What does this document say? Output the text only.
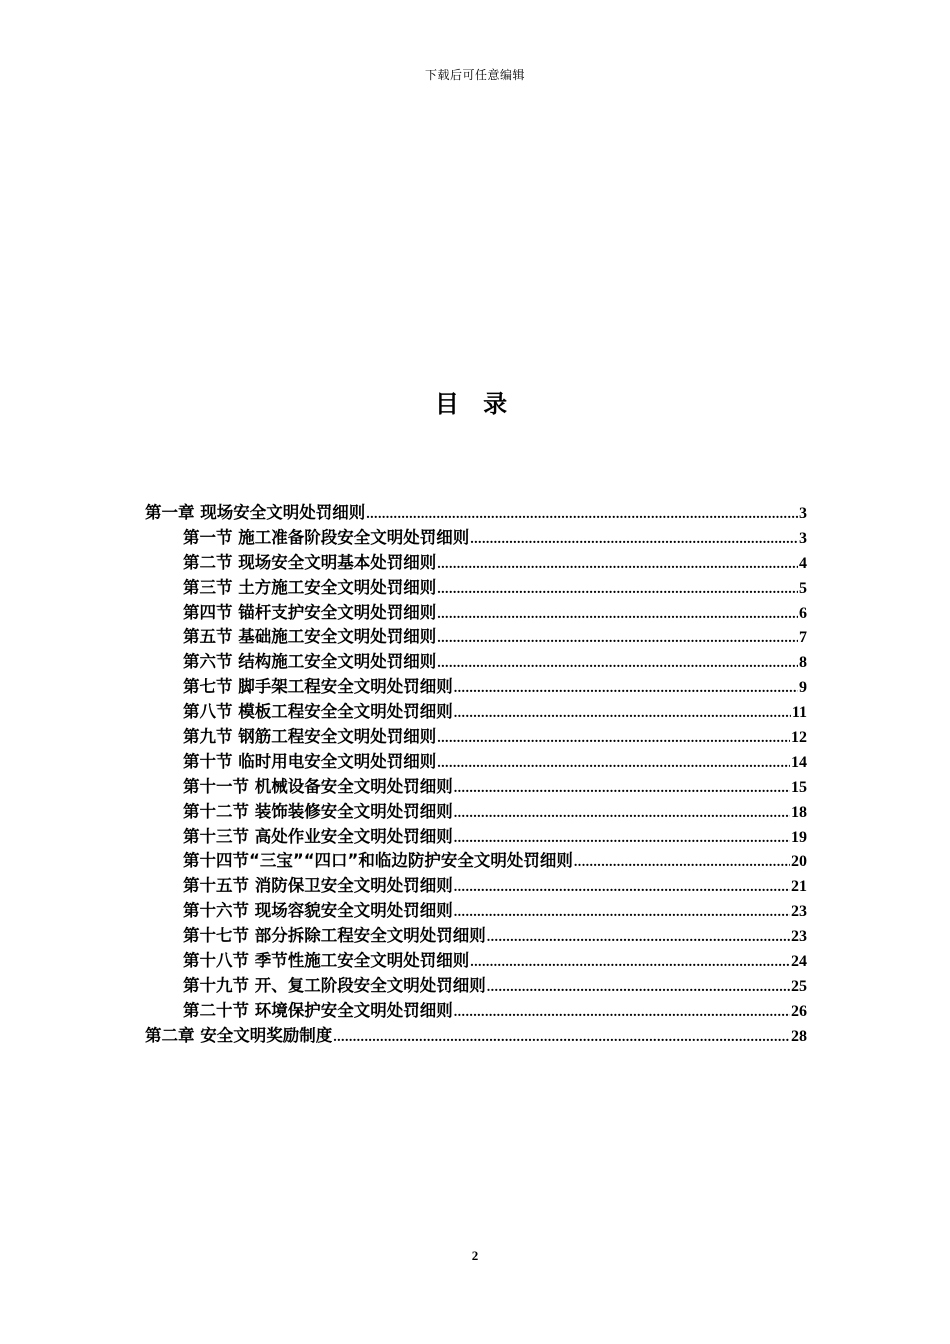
下载后可任意编辑
目 录
第一章 现场安全文明处罚细则 .....	3
第一节 施工准备阶段安全文明处罚细则 .....	3
第二节 现场安全文明基本处罚细则 .....	4
第三节 土方施工安全文明处罚细则 .....	5
第四节 锚杆支护安全文明处罚细则 .....	6
第五节 基础施工安全文明处罚细则 .....	7
第六节 结构施工安全文明处罚细则 .....	8
第七节 脚手架工程安全文明处罚细则 .....	9
第八节 模板工程安全全文明处罚细则 .....	11
第九节 钢筋工程安全文明处罚细则 .....	12
第十节 临时用电安全文明处罚细则 .....	14
第十一节 机械设备安全文明处罚细则 .....	15
第十二节 装饰装修安全文明处罚细则 .....	18
第十三节 高处作业安全文明处罚细则 .....	19
第十四节“三宝”“四口”和临边防护安全文明处罚细则 .....	20
第十五节 消防保卫安全文明处罚细则 .....	21
第十六节 现场容貌安全文明处罚细则 .....	23
第十七节 部分拆除工程安全文明处罚细则 .....	23
第十八节 季节性施工安全文明处罚细则 .....	24
第十九节 开、复工阶段安全文明处罚细则 .....	25
第二十节 环境保护安全文明处罚细则 .....	26
第二章 安全文明奖励制度 .....	28
2
